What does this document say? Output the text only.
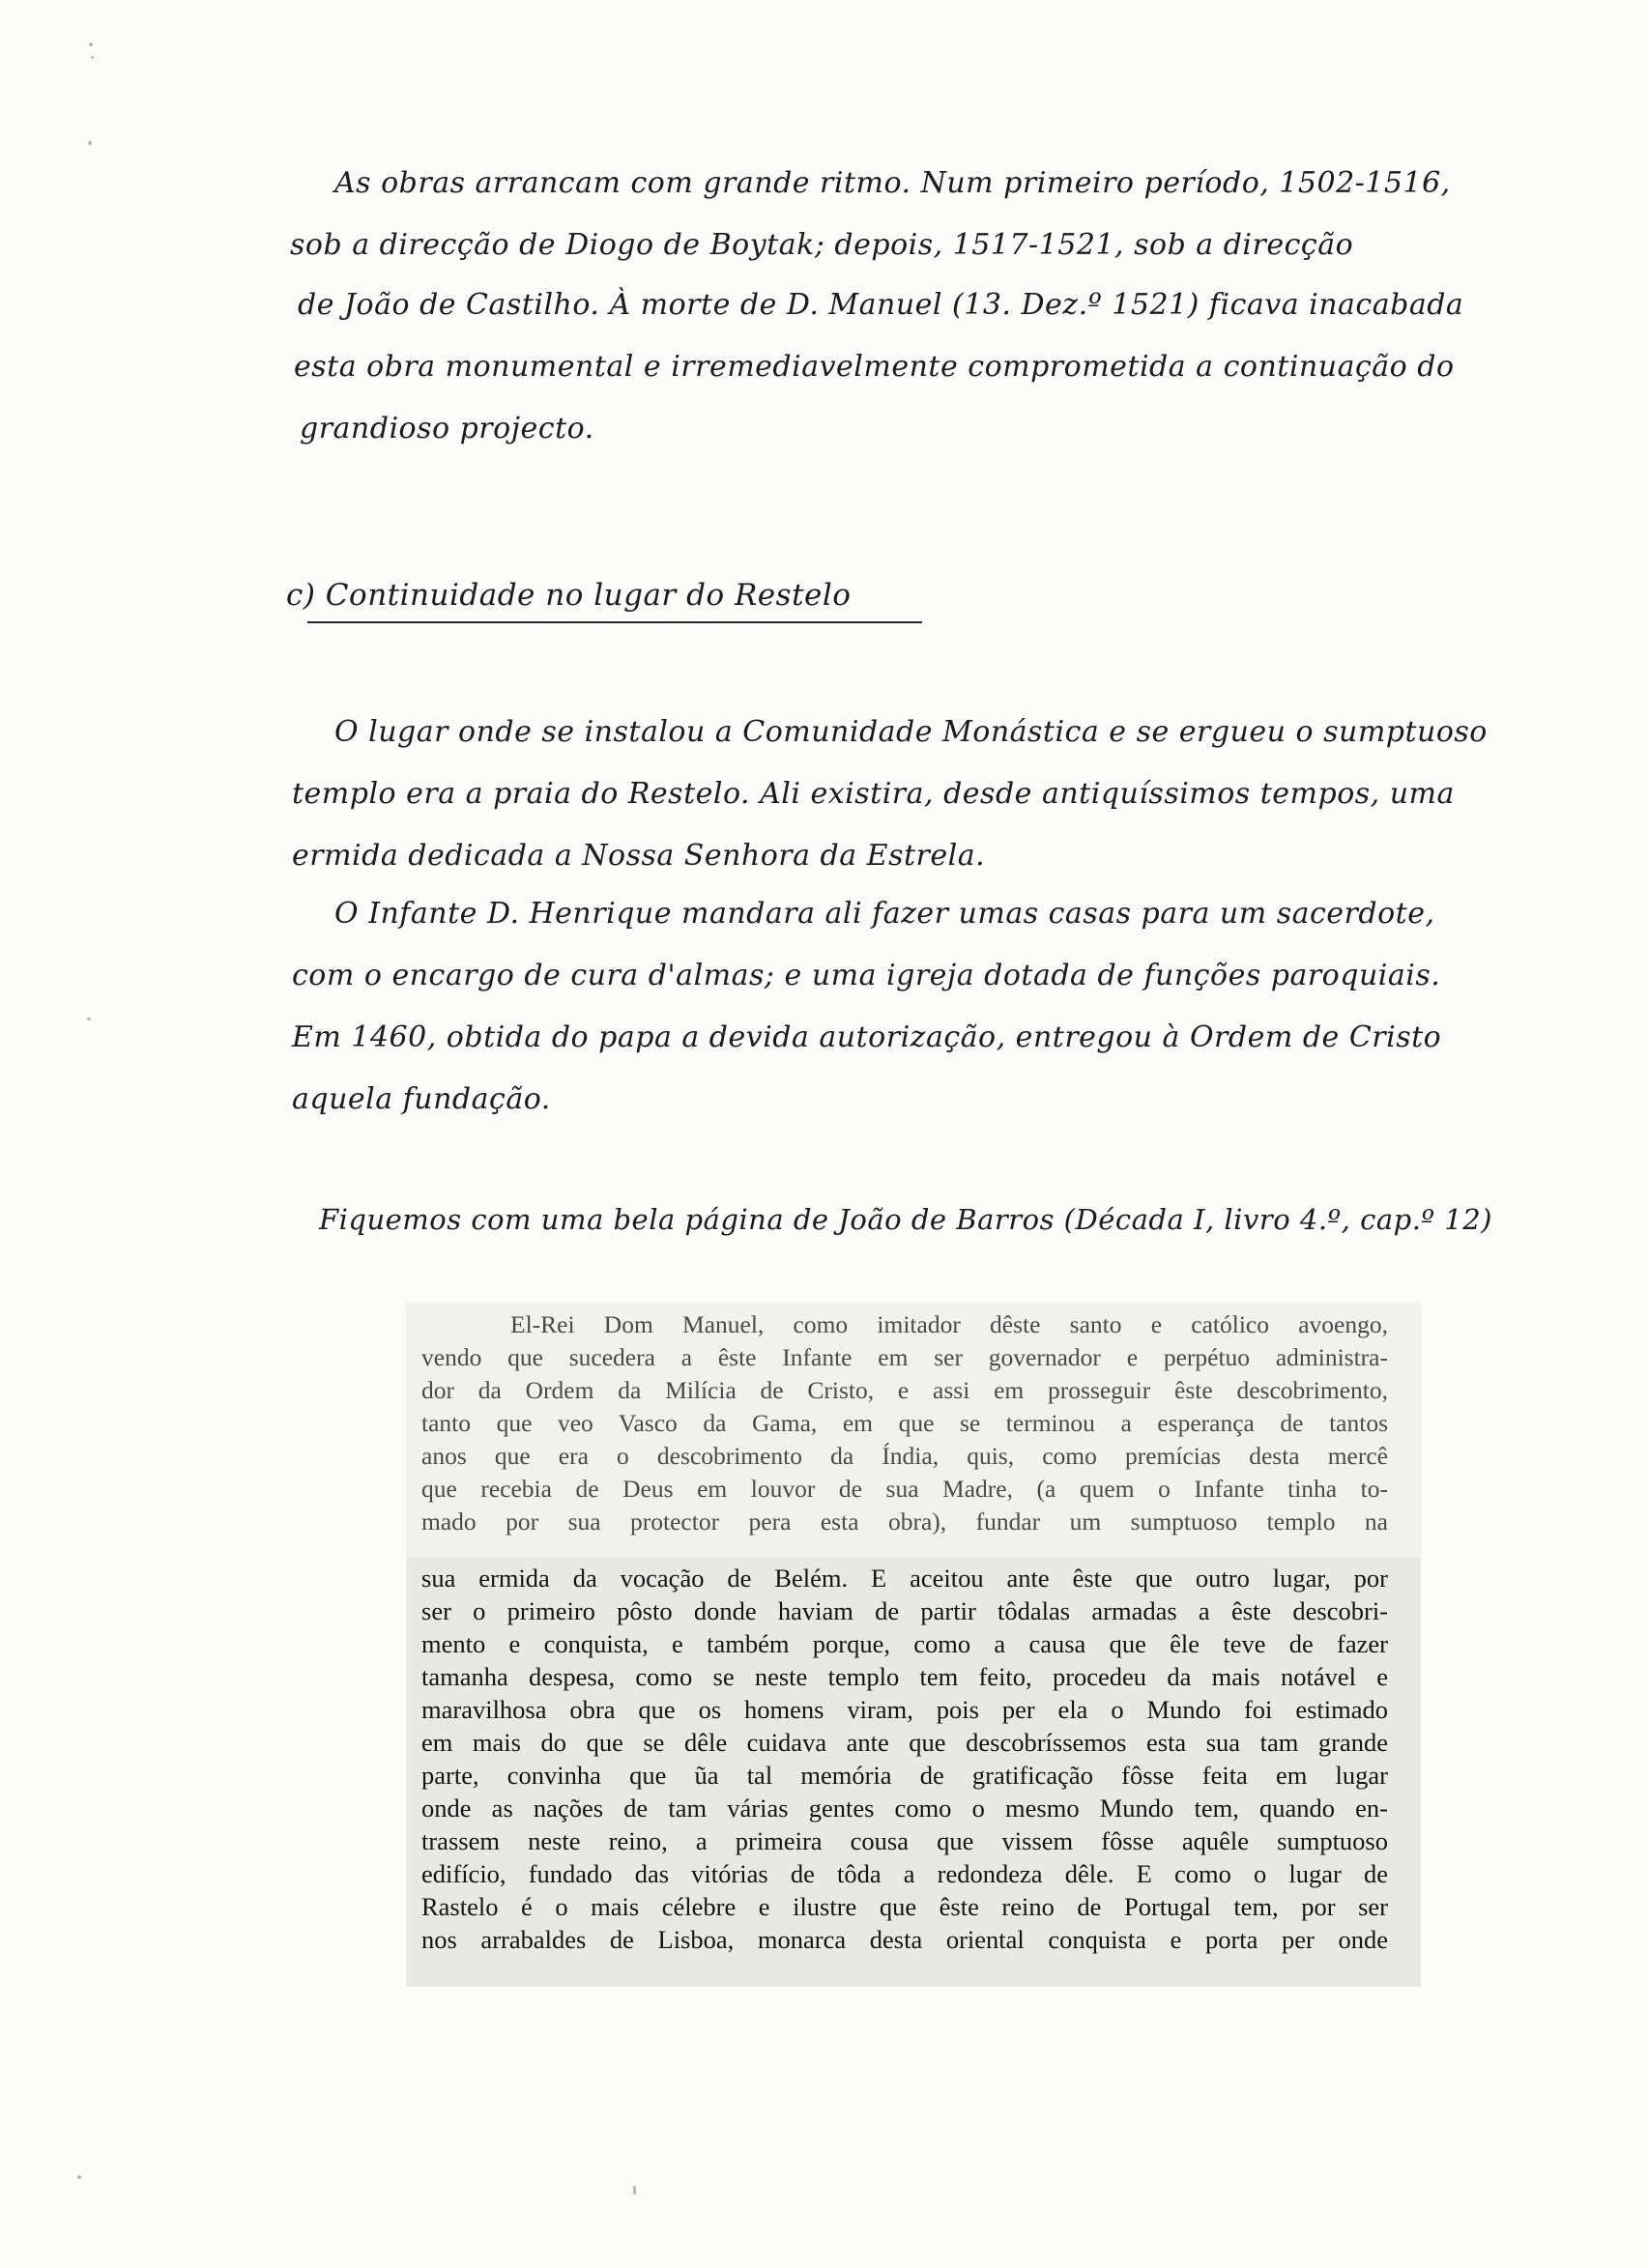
As obras arrancam com grande ritmo. Num primeiro período, 1502-1516,
sob a direcção de Diogo de Boytak; depois, 1517-1521, sob a direcção
de João de Castilho. À morte de D. Manuel (13. Dez.º 1521) ficava inacabada
esta obra monumental e irremediavelmente comprometida a continuação do
grandioso projecto.
c) Continuidade no lugar do Restelo
O lugar onde se instalou a Comunidade Monástica e se ergueu o sumptuoso
templo era a praia do Restelo. Ali existira, desde antiquíssimos tempos, uma
ermida dedicada a Nossa Senhora da Estrela.
O Infante D. Henrique mandara ali fazer umas casas para um sacerdote,
com o encargo de cura d'almas; e uma igreja dotada de funções paroquiais.
Em 1460, obtida do papa a devida autorização, entregou à Ordem de Cristo
aquela fundação.
Fiquemos com uma bela página de João de Barros (Década I, livro 4.º, cap.º 12)
El-Rei Dom Manuel, como imitador dêste santo e católico avoengo,
vendo que sucedera a êste Infante em ser governador e perpétuo administra-
dor da Ordem da Milícia de Cristo, e assi em prosseguir êste descobrimento,
tanto que veo Vasco da Gama, em que se terminou a esperança de tantos
anos que era o descobrimento da Índia, quis, como premícias desta mercê
que recebia de Deus em louvor de sua Madre, (a quem o Infante tinha to-
mado por sua protector pera esta obra), fundar um sumptuoso templo na
sua ermida da vocação de Belém. E aceitou ante êste que outro lugar, por
ser o primeiro pôsto donde haviam de partir tôdalas armadas a êste descobri-
mento e conquista, e também porque, como a causa que êle teve de fazer
tamanha despesa, como se neste templo tem feito, procedeu da mais notável e
maravilhosa obra que os homens viram, pois per ela o Mundo foi estimado
em mais do que se dêle cuidava ante que descobríssemos esta sua tam grande
parte, convinha que ũa tal memória de gratificação fôsse feita em lugar
onde as nações de tam várias gentes como o mesmo Mundo tem, quando en-
trassem neste reino, a primeira cousa que vissem fôsse aquêle sumptuoso
edifício, fundado das vitórias de tôda a redondeza dêle. E como o lugar de
Rastelo é o mais célebre e ilustre que êste reino de Portugal tem, por ser
nos arrabaldes de Lisboa, monarca desta oriental conquista e porta per onde
